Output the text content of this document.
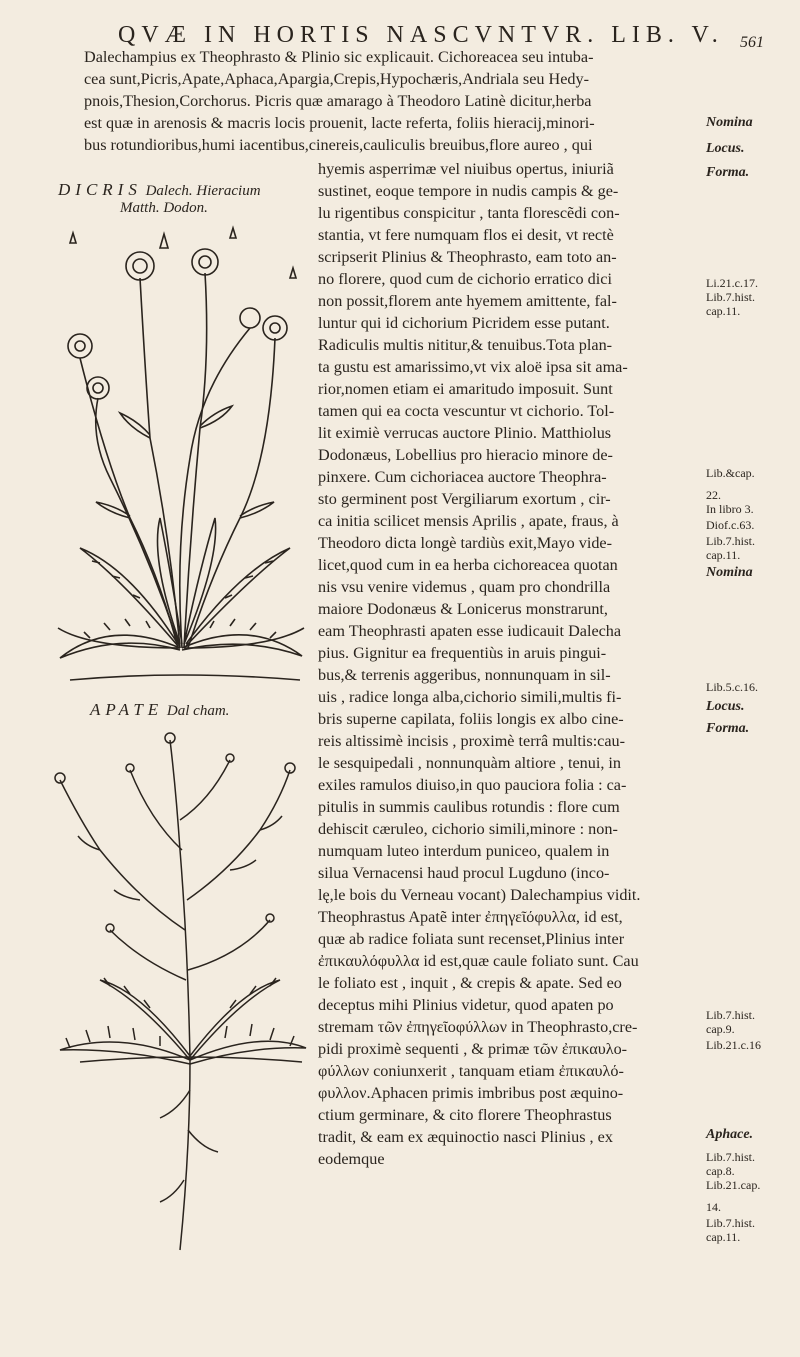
QVÆ IN HORTIS NASCVNTVR. LIB. V. 561
Dalechampius ex Theophrasto & Plinio sic explicauit. Cichoreacea seu intuba-
cea sunt,Picris,Apate,Aphaca,Apargia,Crepis,Hypochæris,Andriala seu Hedy-
pnois,Thesion,Corchorus. Picris quæ amarago à Theodoro Latinè dicitur,herba
est quæ in arenosis & macris locis prouenit, lacte referta, foliis hieracij,minori-
bus rotundioribus,humi iacentibus,cinereis,cauliculis breuibus,flore aureo , qui
hyemis asperrimæ vel niuibus opertus, iniuriã
sustinet, eoque tempore in nudis campis & ge-
lu rigentibus conspicitur , tanta florescẽdi con-
stantia, vt fere numquam flos ei desit, vt rectè
scripserit Plinius & Theophrasto, eam toto an-
no florere, quod cum de cichorio erratico dici
non possit,florem ante hyemem amittente, fal-
luntur qui id cichorium Picridem esse putant.
Radiculis multis nititur,& tenuibus.Tota plan-
ta gustu est amarissimo,vt vix aloë ipsa sit ama-
rior,nomen etiam ei amaritudo imposuit. Sunt
tamen qui ea cocta vescuntur vt cichorio. Tol-
lit eximiè verrucas auctore Plinio. Matthiolus
Dodonæus, Lobellius pro hieracio minore de-
pinxere. Cum cichoriacea auctore Theophra-
sto germinent post Vergiliarum exortum , cir-
ca initia scilicet mensis Aprilis , apate, fraus, à
Theodoro dicta longè tardiùs exit,Mayo vide-
licet,quod cum in ea herba cichoreacea quotan
nis vsu venire videmus , quam pro chondrilla
maiore Dodonæus & Lonicerus monstrarunt,
eam Theophrasti apaten esse iudicauit Dalecha
pius. Gignitur ea frequentiùs in aruis pingui-
bus,& terrenis aggeribus, nonnunquam in sil-
uis , radice longa alba,cichorio simili,multis fi-
bris superne capilata, foliis longis ex albo cine-
reis altissimè incisis , proximè terrâ multis:cau-
le sesquipedali , nonnunquàm altiore , tenui, in
exiles ramulos diuiso,in quo pauciora folia : ca-
pitulis in summis caulibus rotundis : flore cum
dehiscit cæruleo, cichorio simili,minore : non-
numquam luteo interdum puniceo, qualem in
silua Vernacensi haud procul Lugduno (inco-
lę,le bois du Verneau vocant) Dalechampius vidit.
Theophrastus Apatẽ inter ἐπηγεῖόφυλλα, id est,
quæ ab radice foliata sunt recenset,Plinius inter
ἐπικαυλόφυλλα id est,quæ caule foliato sunt. Cau
le foliato est , inquit , & crepis & apate. Sed eo
deceptus mihi Plinius videtur, quod apaten po
stremam τῶν ἐπηγεῖοφύλλων in Theophrasto,cre-
pidi proximè sequenti , & primæ τῶν ἐπικαυλο-
φύλλων coniunxerit , tanquam etiam ἐπικαυλό-
φυλλον.Aphacen primis imbribus post æquino-
ctium germinare, & cito florere Theophrastus
tradit, & eam ex æquinoctio nasci Plinius , ex
eodemque
DICRIS Dalech. Hieracium
Matth. Dodon.
APATE Dal cham.
Nomina
Locus.
Forma.
Li.21.c.17.
Lib.7.hist.
cap.11.
Lib.&cap.
22.
In libro 3.
Diof.c.63.
Lib.7.hist.
cap.11.
Nomina
Lib.5.c.16.
Locus.
Forma.
Lib.7.hist.
cap.9.
Lib.21.c.16
Aphace.
Lib.7.hist.
cap.8.
Lib.21.cap.
14.
Lib.7.hist.
cap.11.
